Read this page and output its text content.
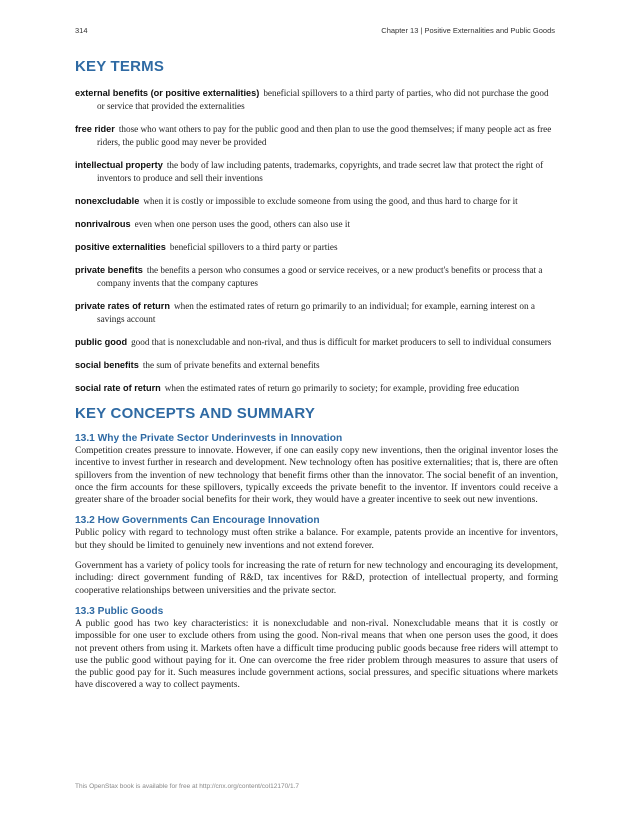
314	Chapter 13 | Positive Externalities and Public Goods
KEY TERMS
external benefits (or positive externalities) beneficial spillovers to a third party of parties, who did not purchase the good or service that provided the externalities
free rider those who want others to pay for the public good and then plan to use the good themselves; if many people act as free riders, the public good may never be provided
intellectual property the body of law including patents, trademarks, copyrights, and trade secret law that protect the right of inventors to produce and sell their inventions
nonexcludable when it is costly or impossible to exclude someone from using the good, and thus hard to charge for it
nonrivalrous even when one person uses the good, others can also use it
positive externalities beneficial spillovers to a third party or parties
private benefits the benefits a person who consumes a good or service receives, or a new product's benefits or process that a company invents that the company captures
private rates of return when the estimated rates of return go primarily to an individual; for example, earning interest on a savings account
public good good that is nonexcludable and non-rival, and thus is difficult for market producers to sell to individual consumers
social benefits the sum of private benefits and external benefits
social rate of return when the estimated rates of return go primarily to society; for example, providing free education
KEY CONCEPTS AND SUMMARY
13.1 Why the Private Sector Underinvests in Innovation

Competition creates pressure to innovate. However, if one can easily copy new inventions, then the original inventor loses the incentive to invest further in research and development. New technology often has positive externalities; that is, there are often spillovers from the invention of new technology that benefit firms other than the innovator. The social benefit of an invention, once the firm accounts for these spillovers, typically exceeds the private benefit to the inventor. If inventors could receive a greater share of the broader social benefits for their work, they would have a greater incentive to seek out new inventions.

13.2 How Governments Can Encourage Innovation

Public policy with regard to technology must often strike a balance. For example, patents provide an incentive for inventors, but they should be limited to genuinely new inventions and not extend forever.

Government has a variety of policy tools for increasing the rate of return for new technology and encouraging its development, including: direct government funding of R&D, tax incentives for R&D, protection of intellectual property, and forming cooperative relationships between universities and the private sector.

13.3 Public Goods

A public good has two key characteristics: it is nonexcludable and non-rival. Nonexcludable means that it is costly or impossible for one user to exclude others from using the good. Non-rival means that when one person uses the good, it does not prevent others from using it. Markets often have a difficult time producing public goods because free riders will attempt to use the public good without paying for it. One can overcome the free rider problem through measures to assure that users of the public good pay for it. Such measures include government actions, social pressures, and specific situations where markets have discovered a way to collect payments.

This OpenStax book is available for free at http://cnx.org/content/col12170/1.7
